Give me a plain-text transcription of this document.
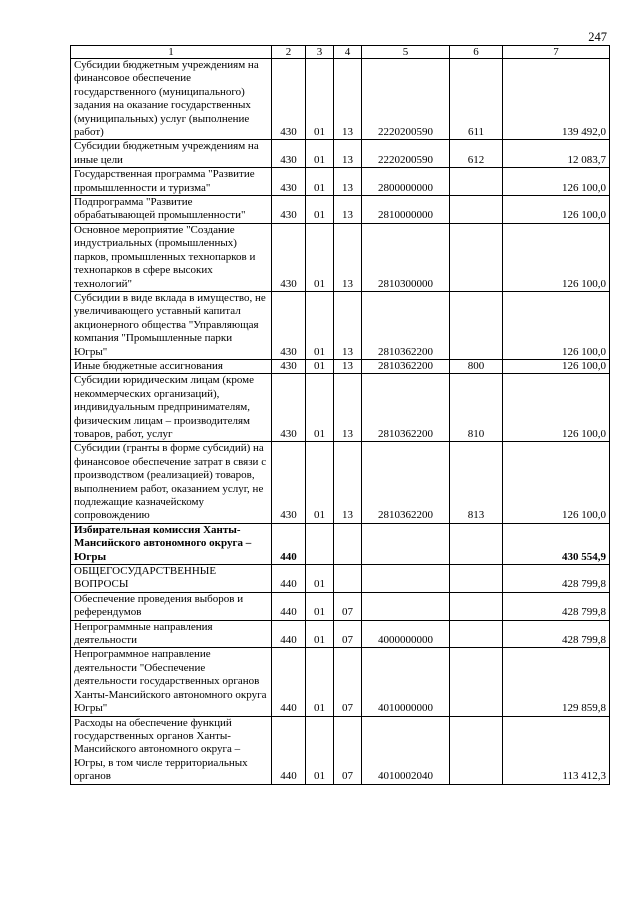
247
1	2	3	4	5	6	7
Субсидии бюджетным учреждениям на финансовое обеспечение государственного (муниципального) задания на оказание государственных (муниципальных) услуг (выполнение работ)	430	01	13	2220200590	611	139 492,0
Субсидии бюджетным учреждениям на иные цели	430	01	13	2220200590	612	12 083,7
Государственная программа "Развитие промышленности и туризма"	430	01	13	2800000000		126 100,0
Подпрограмма "Развитие обрабатывающей промышленности"	430	01	13	2810000000		126 100,0
Основное мероприятие "Создание индустриальных (промышленных) парков, промышленных технопарков и технопарков в сфере высоких технологий"	430	01	13	2810300000		126 100,0
Субсидии в виде вклада в имущество, не увеличивающего уставный капитал акционерного общества "Управляющая компания "Промышленные парки Югры"	430	01	13	2810362200		126 100,0
Иные бюджетные ассигнования	430	01	13	2810362200	800	126 100,0
Субсидии юридическим лицам (кроме некоммерческих организаций), индивидуальным предпринимателям, физическим лицам – производителям товаров, работ, услуг	430	01	13	2810362200	810	126 100,0
Субсидии (гранты в форме субсидий) на финансовое обеспечение затрат в связи с производством (реализацией) товаров, выполнением работ, оказанием услуг, не подлежащие казначейскому сопровождению	430	01	13	2810362200	813	126 100,0
Избирательная комиссия Ханты-Мансийского автономного округа – Югры	440					430 554,9
ОБЩЕГОСУДАРСТВЕННЫЕ ВОПРОСЫ	440	01				428 799,8
Обеспечение проведения выборов и референдумов	440	01	07			428 799,8
Непрограммные направления деятельности	440	01	07	4000000000		428 799,8
Непрограммное направление деятельности "Обеспечение деятельности государственных органов Ханты-Мансийского автономного округа Югры"	440	01	07	4010000000		129 859,8
Расходы на обеспечение функций государственных органов Ханты-Мансийского автономного округа – Югры, в том числе территориальных органов	440	01	07	4010002040		113 412,3
